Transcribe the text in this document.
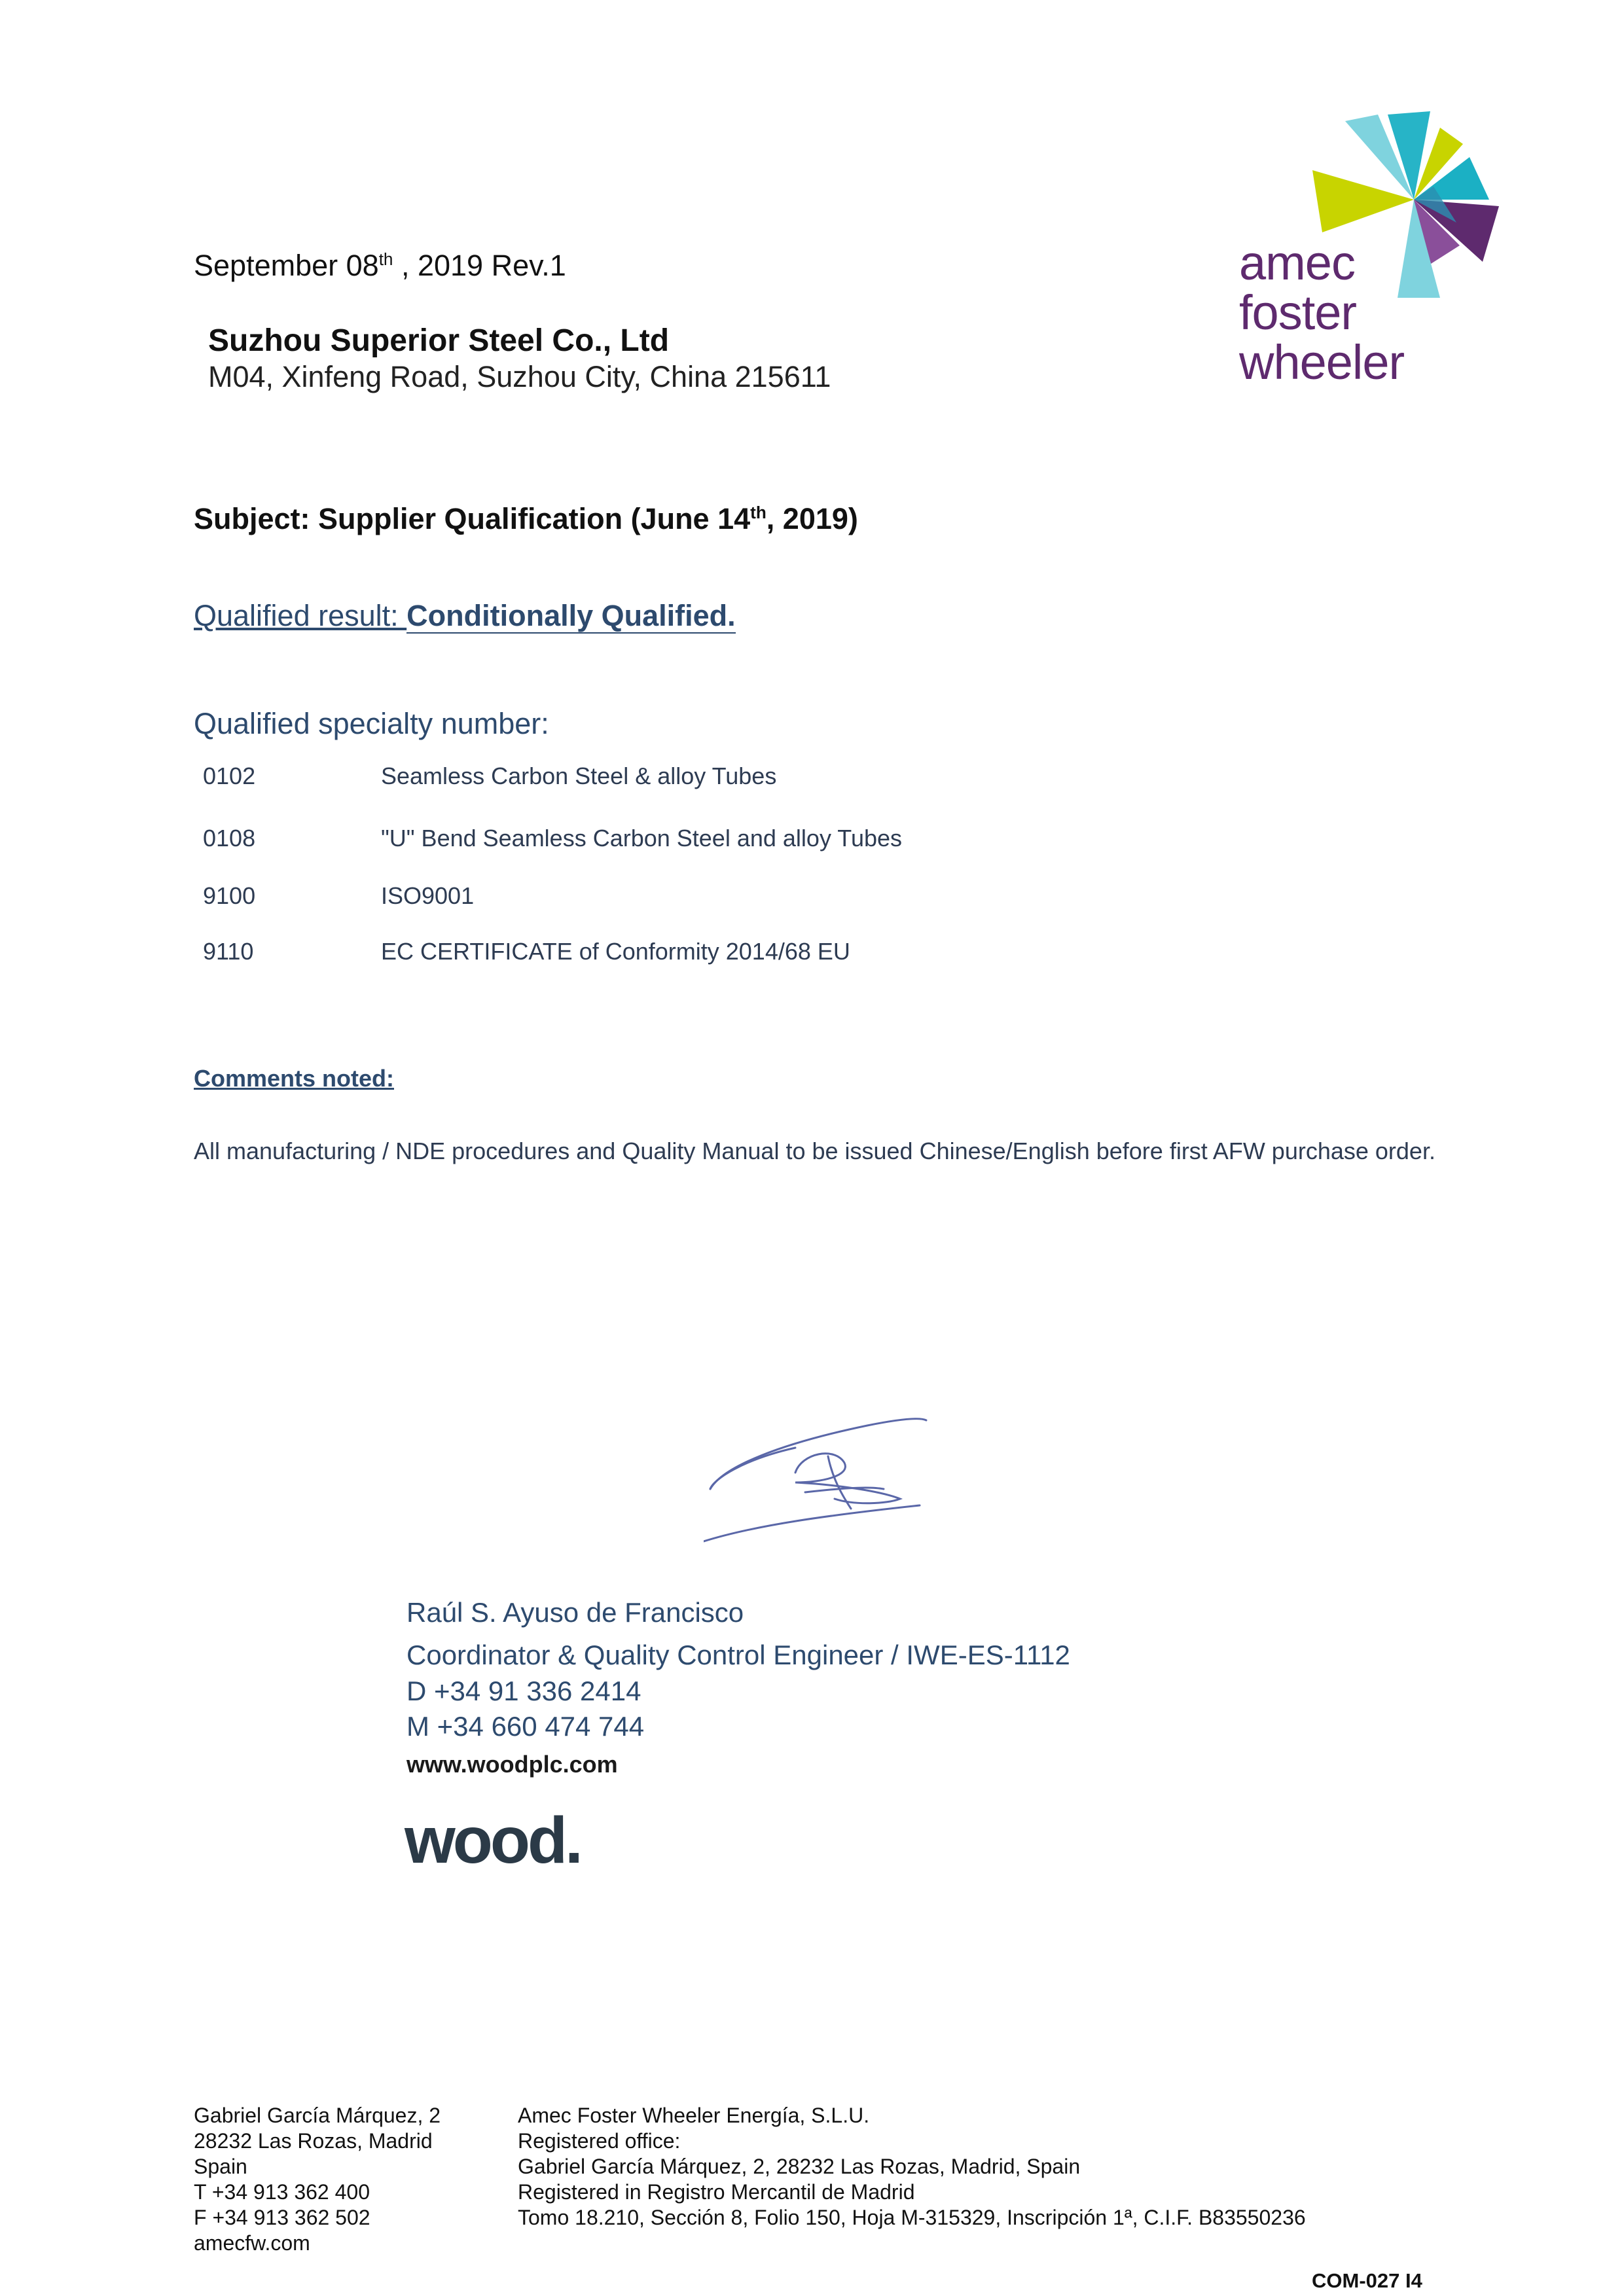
amec
foster
wheeler
September 08th , 2019 Rev.1
Suzhou Superior Steel Co., Ltd
M04, Xinfeng Road, Suzhou City, China 215611
Subject: Supplier Qualification (June 14th, 2019)
Qualified result: Conditionally Qualified.
Qualified specialty number:
0102	Seamless Carbon Steel & alloy Tubes
0108	"U" Bend Seamless Carbon Steel and alloy Tubes
9100	ISO9001
9110	EC CERTIFICATE of Conformity 2014/68 EU
Comments noted:
All manufacturing / NDE procedures and Quality Manual to be issued Chinese/English before first AFW purchase order.
Raúl S. Ayuso de Francisco
Coordinator & Quality Control Engineer / IWE-ES-1112
D +34 91 336 2414
M +34 660 474 744
www.woodplc.com
wood.
Gabriel García Márquez, 2
28232 Las Rozas, Madrid
Spain
T +34 913 362 400
F +34 913 362 502
amecfw.com
Amec Foster Wheeler Energía, S.L.U.
Registered office:
Gabriel García Márquez, 2, 28232 Las Rozas, Madrid, Spain
Registered in Registro Mercantil de Madrid
Tomo 18.210, Sección 8, Folio 150, Hoja M-315329, Inscripción 1ª, C.I.F. B83550236
COM-027 I4
